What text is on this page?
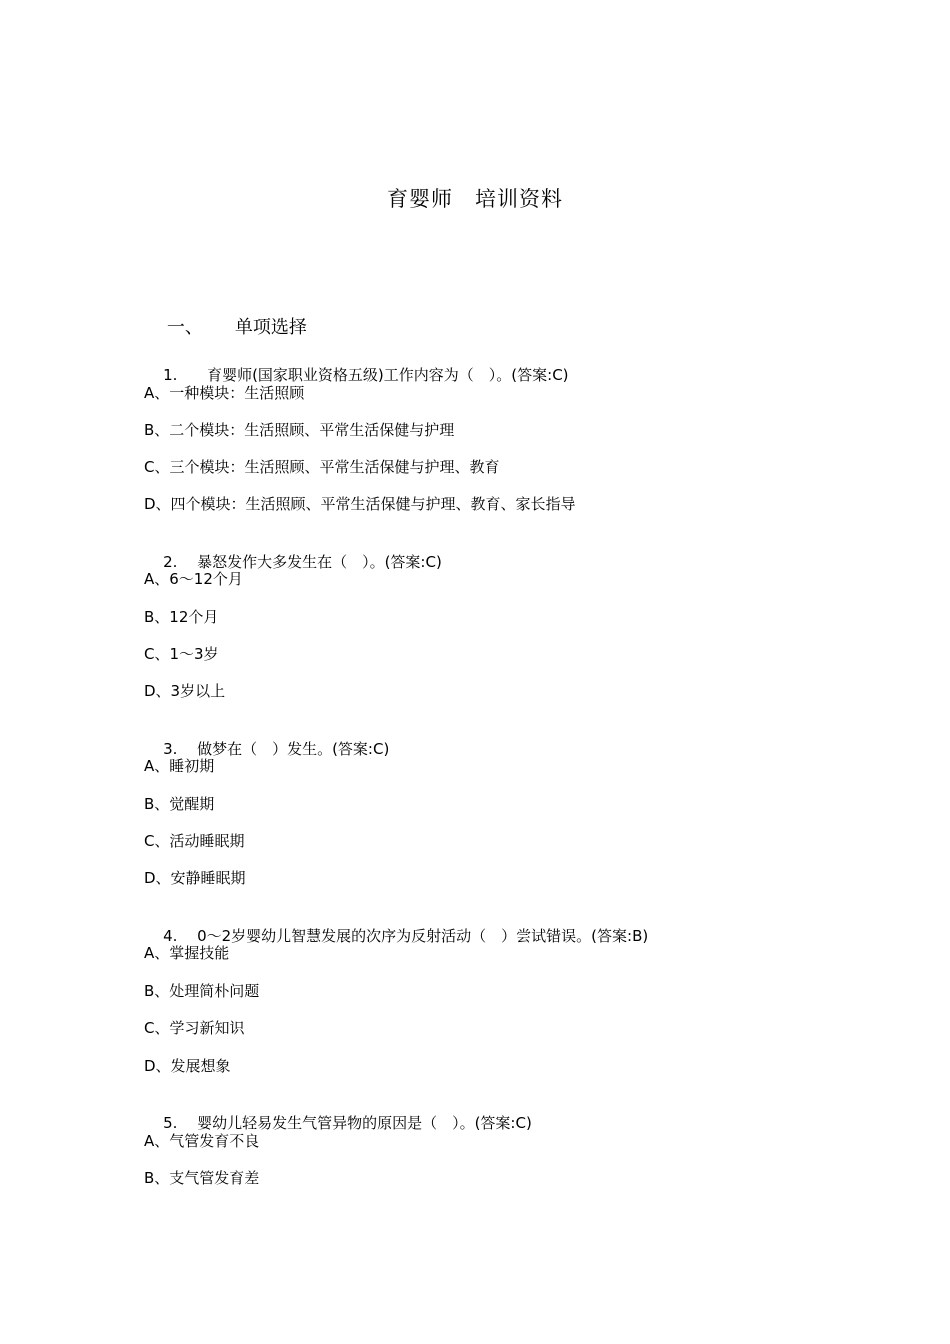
育婴师　培训资料

一、 单项选择

1. 育婴师(国家职业资格五级)工作内容为（　）。(答案:C)

A、一种模块：生活照顾
B、二个模块：生活照顾、平常生活保健与护理
C、三个模块：生活照顾、平常生活保健与护理、教育
D、四个模块：生活照顾、平常生活保健与护理、教育、家长指导

2. 暴怒发作大多发生在（　）。(答案:C)

A、6～12个月
B、12个月
C、1～3岁
D、3岁以上

3. 做梦在（　）发生。(答案:C)

A、睡初期
B、觉醒期
C、活动睡眠期
D、安静睡眠期

4. 0～2岁婴幼儿智慧发展的次序为反射活动（　）尝试错误。(答案:B)

A、掌握技能
B、处理简朴问题
C、学习新知识
D、发展想象

5. 婴幼儿轻易发生气管异物的原因是（　）。(答案:C)

A、气管发育不良
B、支气管发育差
